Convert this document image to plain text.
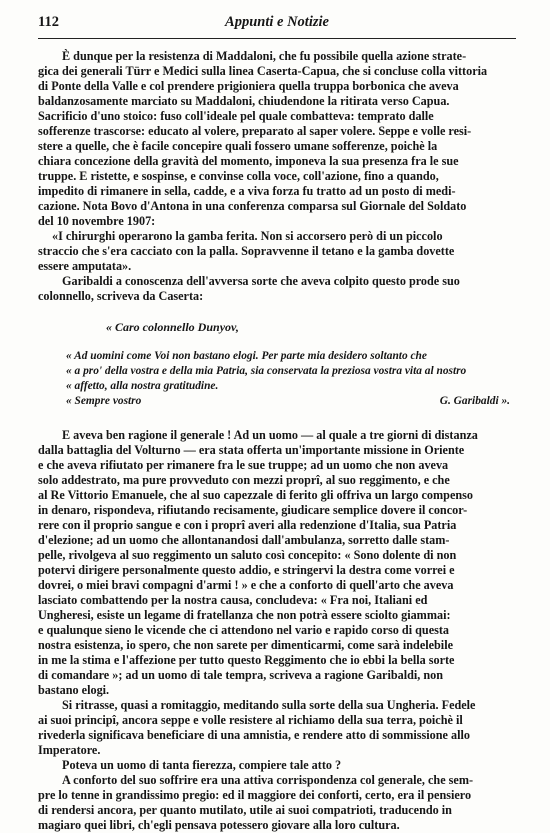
112	Appunti e Notizie
È dunque per la resistenza di Maddaloni, che fu possibile quella azione strate-
gica dei generali Türr e Medici sulla linea Caserta-Capua, che si concluse colla vittoria
di Ponte della Valle e col prendere prigioniera quella truppa borbonica che aveva
baldanzosamente marciato su Maddaloni, chiudendone la ritirata verso Capua.
Sacrificio d'uno stoico: fuso coll'ideale pel quale combatteva: temprato dalle
sofferenze trascorse: educato al volere, preparato al saper volere. Seppe e volle resi-
stere a quelle, che è facile concepire quali fossero umane sofferenze, poichè la
chiara concezione della gravità del momento, imponeva la sua presenza fra le sue
truppe. E ristette, e sospinse, e convinse colla voce, coll'azione, fino a quando,
impedito di rimanere in sella, cadde, e a viva forza fu tratto ad un posto di medi-
cazione. Nota Bovo d'Antona in una conferenza comparsa sul Giornale del Soldato
del 10 novembre 1907:
«I chirurghi operarono la gamba ferita. Non si accorsero però di un piccolo
straccio che s'era cacciato con la palla. Sopravvenne il tetano e la gamba dovette
essere amputata».
Garibaldi a conoscenza dell'avversa sorte che aveva colpito questo prode suo
colonnello, scriveva da Caserta:
« Caro colonnello Dunyov,
« Ad uomini come Voi non bastano elogi. Per parte mia desidero soltanto che
« a pro' della vostra e della mia Patria, sia conservata la preziosa vostra vita al nostro
« affetto, alla nostra gratitudine.
« Sempre vostro	G. Garibaldi ».
E aveva ben ragione il generale ! Ad un uomo — al quale a tre giorni di distanza
dalla battaglia del Volturno — era stata offerta un'importante missione in Oriente
e che aveva rifiutato per rimanere fra le sue truppe; ad un uomo che non aveva
solo addestrato, ma pure provveduto con mezzi proprî, al suo reggimento, e che
al Re Vittorio Emanuele, che al suo capezzale di ferito gli offriva un largo compenso
in denaro, rispondeva, rifiutando recisamente, giudicare semplice dovere il concor-
rere con il proprio sangue e con i proprî averi alla redenzione d'Italia, sua Patria
d'elezione; ad un uomo che allontanandosi dall'ambulanza, sorretto dalle stam-
pelle, rivolgeva al suo reggimento un saluto così concepito: « Sono dolente di non
potervi dirigere personalmente questo addio, e stringervi la destra come vorrei e
dovrei, o miei bravi compagni d'armi ! » e che a conforto di quell'arto che aveva
lasciato combattendo per la nostra causa, concludeva: « Fra noi, Italiani ed
Ungheresi, esiste un legame di fratellanza che non potrà essere sciolto giammai:
e qualunque sieno le vicende che ci attendono nel vario e rapido corso di questa
nostra esistenza, io spero, che non sarete per dimenticarmi, come sarà indelebile
in me la stima e l'affezione per tutto questo Reggimento che io ebbi la bella sorte
di comandare »; ad un uomo di tale tempra, scriveva a ragione Garibaldi, non
bastano elogi.
Si ritrasse, quasi a romitaggio, meditando sulla sorte della sua Ungheria. Fedele
ai suoi principî, ancora seppe e volle resistere al richiamo della sua terra, poichè il
rivederla significava beneficiare di una amnistia, e rendere atto di sommissione allo
Imperatore.
Poteva un uomo di tanta fierezza, compiere tale atto ?
A conforto del suo soffrire era una attiva corrispondenza col generale, che sem-
pre lo tenne in grandissimo pregio: ed il maggiore dei conforti, certo, era il pensiero
di rendersi ancora, per quanto mutilato, utile ai suoi compatrioti, traducendo in
magiaro quei libri, ch'egli pensava potessero giovare alla loro cultura.
